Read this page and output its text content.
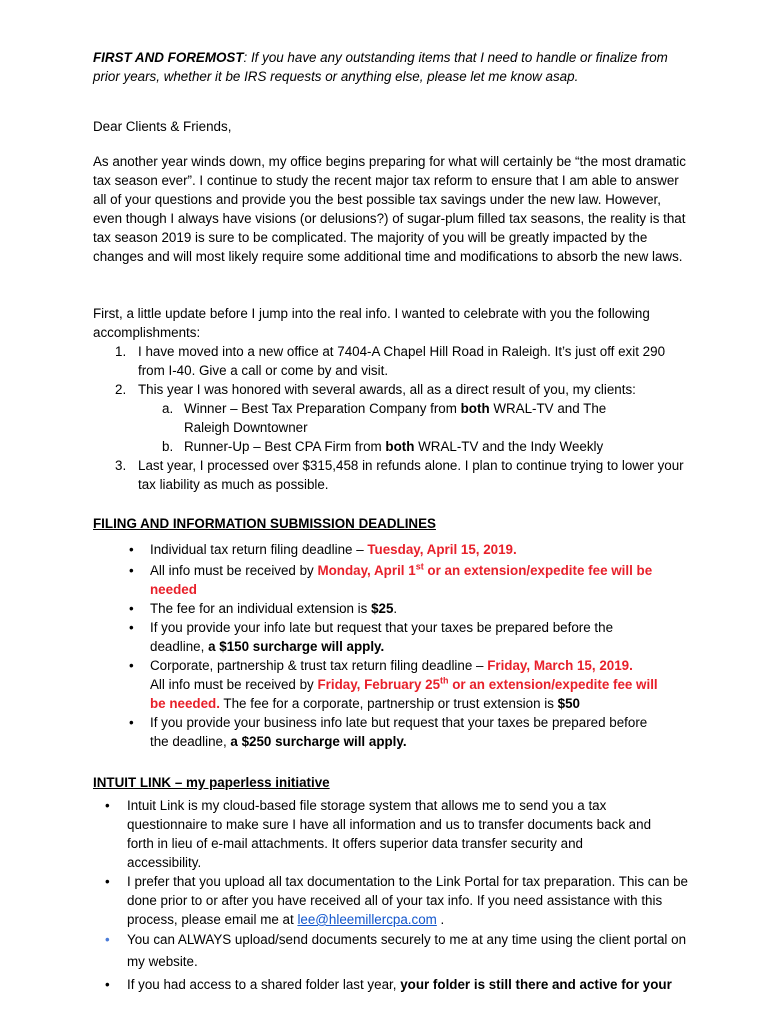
FIRST AND FOREMOST: If you have any outstanding items that I need to handle or finalize from prior years, whether it be IRS requests or anything else, please let me know asap.

Dear Clients & Friends,

As another year winds down, my office begins preparing for what will certainly be “the most dramatic tax season ever”. I continue to study the recent major tax reform to ensure that I am able to answer all of your questions and provide you the best possible tax savings under the new law. However, even though I always have visions (or delusions?) of sugar-plum filled tax seasons, the reality is that tax season 2019 is sure to be complicated. The majority of you will be greatly impacted by the changes and will most likely require some additional time and modifications to absorb the new laws.

First, a little update before I jump into the real info. I wanted to celebrate with you the following accomplishments:

1. I have moved into a new office at 7404-A Chapel Hill Road in Raleigh. It’s just off exit 290 from I-40. Give a call or come by and visit.
2. This year I was honored with several awards, all as a direct result of you, my clients:
a. Winner – Best Tax Preparation Company from both WRAL-TV and The Raleigh Downtowner
b. Runner-Up – Best CPA Firm from both WRAL-TV and the Indy Weekly
3. Last year, I processed over $315,458 in refunds alone. I plan to continue trying to lower your tax liability as much as possible.

FILING AND INFORMATION SUBMISSION DEADLINES

• Individual tax return filing deadline – Tuesday, April 15, 2019.
• All info must be received by Monday, April 1st or an extension/expedite fee will be needed
• The fee for an individual extension is $25.
• If you provide your info late but request that your taxes be prepared before the deadline, a $150 surcharge will apply.
• Corporate, partnership & trust tax return filing deadline – Friday, March 15, 2019.
All info must be received by Friday, February 25th or an extension/expedite fee will be needed. The fee for a corporate, partnership or trust extension is $50
• If you provide your business info late but request that your taxes be prepared before the deadline, a $250 surcharge will apply.

INTUIT LINK – my paperless initiative

• Intuit Link is my cloud-based file storage system that allows me to send you a tax questionnaire to make sure I have all information and us to transfer documents back and forth in lieu of e-mail attachments. It offers superior data transfer security and accessibility.
• I prefer that you upload all tax documentation to the Link Portal for tax preparation. This can be done prior to or after you have received all of your tax info. If you need assistance with this process, please email me at lee@hleemillercpa.com .
• You can ALWAYS upload/send documents securely to me at any time using the client portal on my website.
• If you had access to a shared folder last year, your folder is still there and active for your
